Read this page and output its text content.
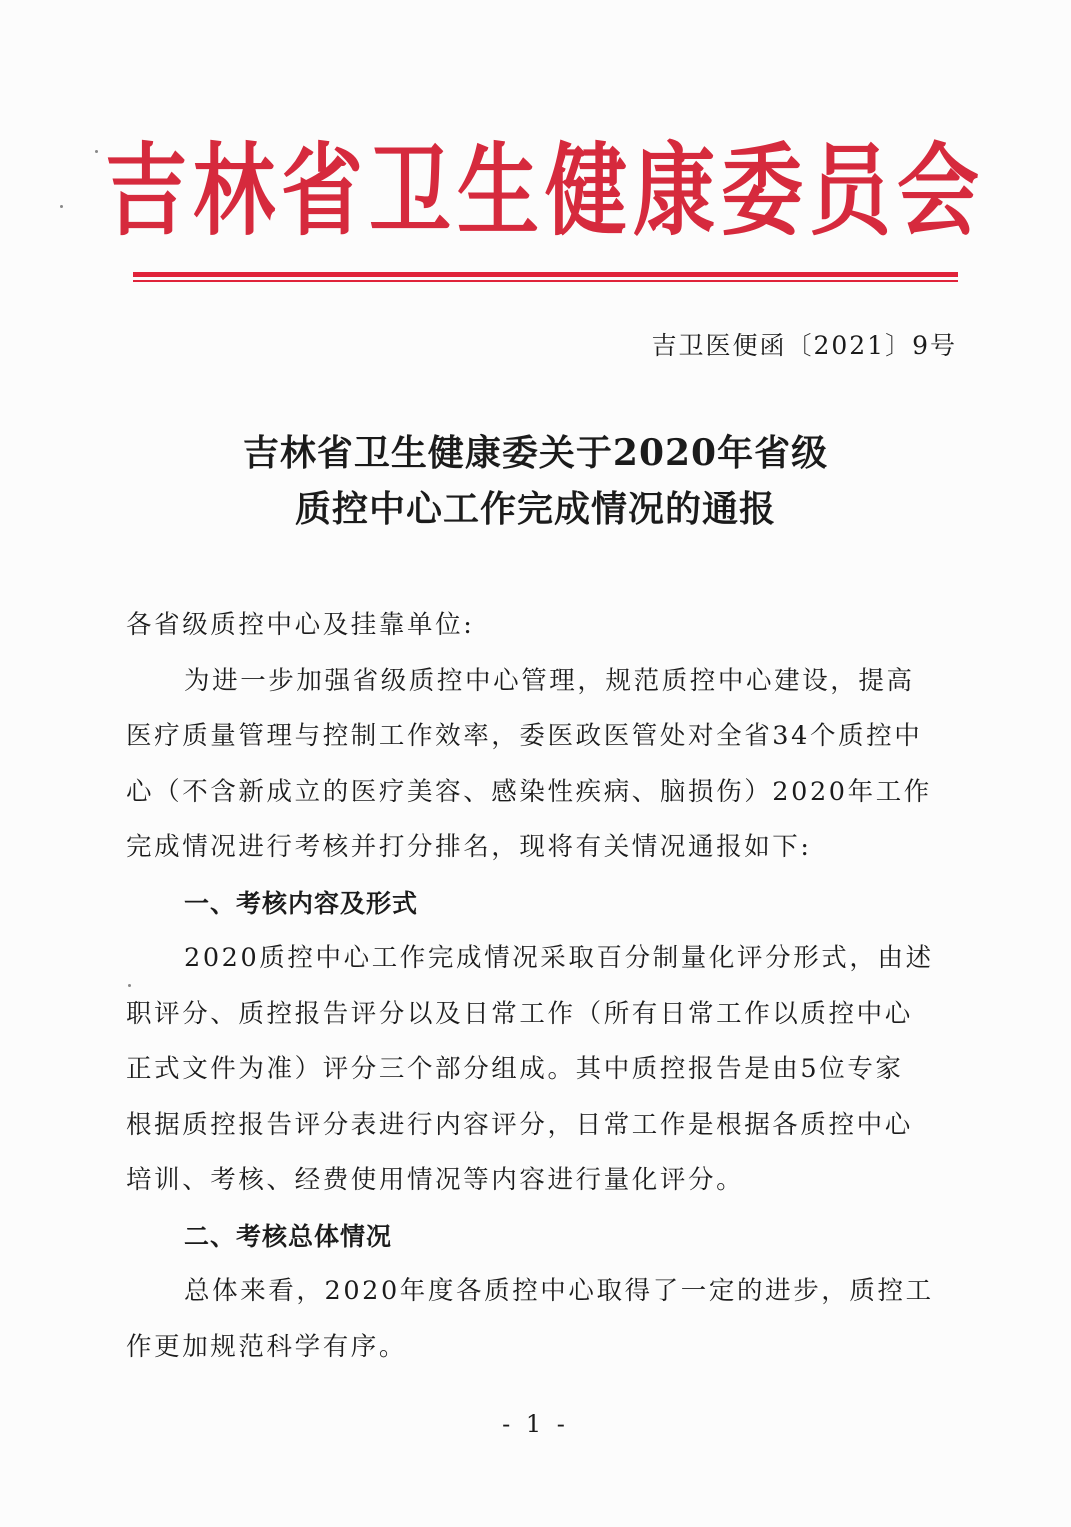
吉林省卫生健康委员会
吉卫医便函〔2021〕9号
吉林省卫生健康委关于2020年省级
质控中心工作完成情况的通报
各省级质控中心及挂靠单位:
为进一步加强省级质控中心管理，规范质控中心建设，提高
医疗质量管理与控制工作效率，委医政医管处对全省34个质控中
心（不含新成立的医疗美容、感染性疾病、脑损伤）2020年工作
完成情况进行考核并打分排名，现将有关情况通报如下:
一、考核内容及形式
2020质控中心工作完成情况采取百分制量化评分形式，由述
职评分、质控报告评分以及日常工作（所有日常工作以质控中心
正式文件为准）评分三个部分组成。其中质控报告是由5位专家
根据质控报告评分表进行内容评分，日常工作是根据各质控中心
培训、考核、经费使用情况等内容进行量化评分。
二、考核总体情况
总体来看，2020年度各质控中心取得了一定的进步，质控工
作更加规范科学有序。
- 1 -
